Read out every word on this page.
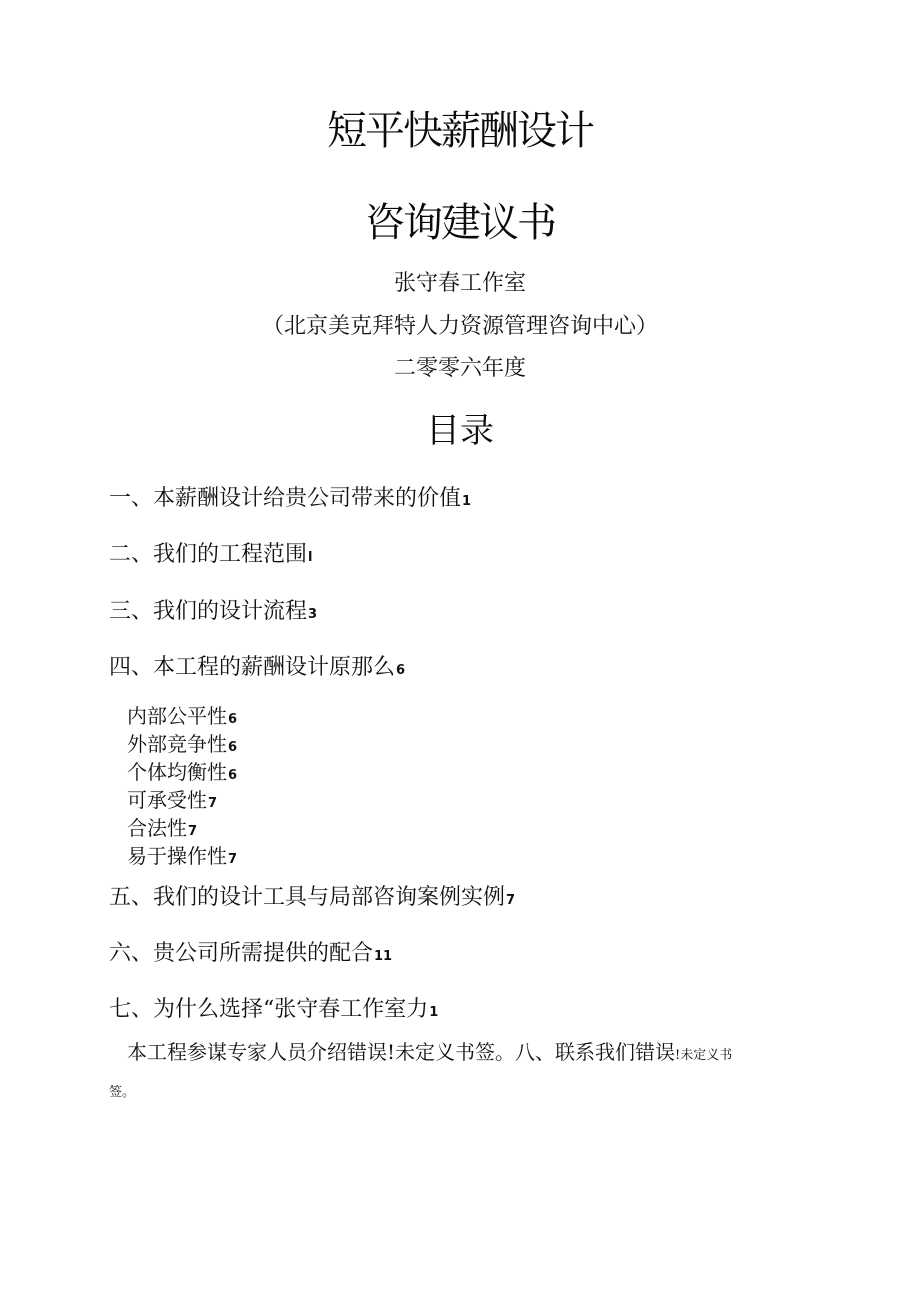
短平快薪酬设计
咨询建议书
张守春工作室
（北京美克拜特人力资源管理咨询中心）
二零零六年度
目录
一、本薪酬设计给贵公司带来的价值1
二、我们的工程范围l
三、我们的设计流程3
四、本工程的薪酬设计原那么6
内部公平性6
外部竞争性6
个体均衡性6
可承受性7
合法性7
易于操作性7
五、我们的设计工具与局部咨询案例实例7
六、贵公司所需提供的配合11
七、为什么选择“张守春工作室力1
本工程参谋专家人员介绍错误!未定义书签。八、联系我们错误!未定义书
签。
